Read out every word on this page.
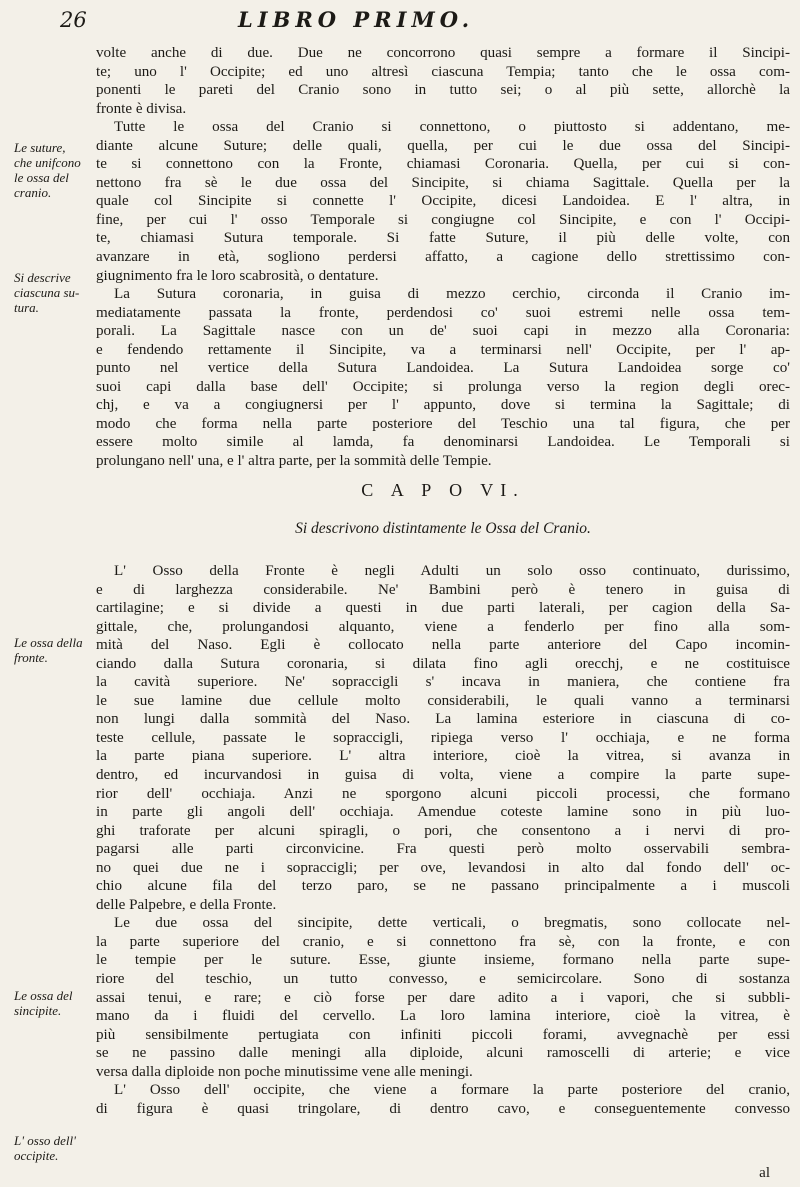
26	LIBRO PRIMO.
Le suture,
che unifcono
le ossa del
cranio.
Si descrive
ciascuna su-
tura.
Le ossa della
fronte.
Le ossa del
sincipite.
L' osso dell'
occipite.
volte anche di due. Due ne concorrono quasi sempre a formare il Sincipi-
te; uno l' Occipite; ed uno altresì ciascuna Tempia; tanto che le ossa com-
ponenti le pareti del Cranio sono in tutto sei; o al più sette, allorchè la
fronte è divisa.
Tutte le ossa del Cranio si connettono, o piuttosto si addentano, me-
diante alcune Suture; delle quali, quella, per cui le due ossa del Sincipi-
te si connettono con la Fronte, chiamasi Coronaria. Quella, per cui si con-
nettono fra sè le due ossa del Sincipite, si chiama Sagittale. Quella per la
quale col Sincipite si connette l' Occipite, dicesi Landoidea. E l' altra, in
fine, per cui l' osso Temporale si congiugne col Sincipite, e con l' Occipi-
te, chiamasi Sutura temporale. Si fatte Suture, il più delle volte, con
avanzare in età, sogliono perdersi affatto, a cagione dello strettissimo con-
giugnimento fra le loro scabrosità, o dentature.
La Sutura coronaria, in guisa di mezzo cerchio, circonda il Cranio im-
mediatamente passata la fronte, perdendosi co' suoi estremi nelle ossa tem-
porali. La Sagittale nasce con un de' suoi capi in mezzo alla Coronaria:
e fendendo rettamente il Sincipite, va a terminarsi nell' Occipite, per l' ap-
punto nel vertice della Sutura Landoidea. La Sutura Landoidea sorge co'
suoi capi dalla base dell' Occipite; si prolunga verso la region degli orec-
chj, e va a congiugnersi per l' appunto, dove si termina la Sagittale; di
modo che forma nella parte posteriore del Teschio una tal figura, che per
essere molto simile al lamda, fa denominarsi Landoidea. Le Temporali si
prolungano nell' una, e l' altra parte, per la sommità delle Tempie.
C A P O VI.
Si descrivono distintamente le Ossa del Cranio.
L' Osso della Fronte è negli Adulti un solo osso continuato, durissimo,
e di larghezza considerabile. Ne' Bambini però è tenero in guisa di
cartilagine; e si divide a questi in due parti laterali, per cagion della Sa-
gittale, che, prolungandosi alquanto, viene a fenderlo per fino alla som-
mità del Naso. Egli è collocato nella parte anteriore del Capo incomin-
ciando dalla Sutura coronaria, si dilata fino agli orecchj, e ne costituisce
la cavità superiore. Ne' sopraccigli s' incava in maniera, che contiene fra
le sue lamine due cellule molto considerabili, le quali vanno a terminarsi
non lungi dalla sommità del Naso. La lamina esteriore in ciascuna di co-
teste cellule, passate le sopraccigli, ripiega verso l' occhiaja, e ne forma
la parte piana superiore. L' altra interiore, cioè la vitrea, si avanza in
dentro, ed incurvandosi in guisa di volta, viene a compire la parte supe-
rior dell' occhiaja. Anzi ne sporgono alcuni piccoli processi, che formano
in parte gli angoli dell' occhiaja. Amendue coteste lamine sono in più luo-
ghi traforate per alcuni spiragli, o pori, che consentono a i nervi di pro-
pagarsi alle parti circonvicine. Fra questi però molto osservabili sembra-
no quei due ne i sopraccigli; per ove, levandosi in alto dal fondo dell' oc-
chio alcune fila del terzo paro, se ne passano principalmente a i muscoli
delle Palpebre, e della Fronte.
Le due ossa del sincipite, dette verticali, o bregmatis, sono collocate nel-
la parte superiore del cranio, e si connettono fra sè, con la fronte, e con
le tempie per le suture. Esse, giunte insieme, formano nella parte supe-
riore del teschio, un tutto convesso, e semicircolare. Sono di sostanza
assai tenui, e rare; e ciò forse per dare adito a i vapori, che si subbli-
mano da i fluidi del cervello. La loro lamina interiore, cioè la vitrea, è
più sensibilmente pertugiata con infiniti piccoli forami, avvegnachè per essi
se ne passino dalle meningi alla diploide, alcuni ramoscelli di arterie; e vice
versa dalla diploide non poche minutissime vene alle meningi.
L' Osso dell' occipite, che viene a formare la parte posteriore del cranio,
di figura è quasi tringolare, di dentro cavo, e conseguentemente convesso
al
